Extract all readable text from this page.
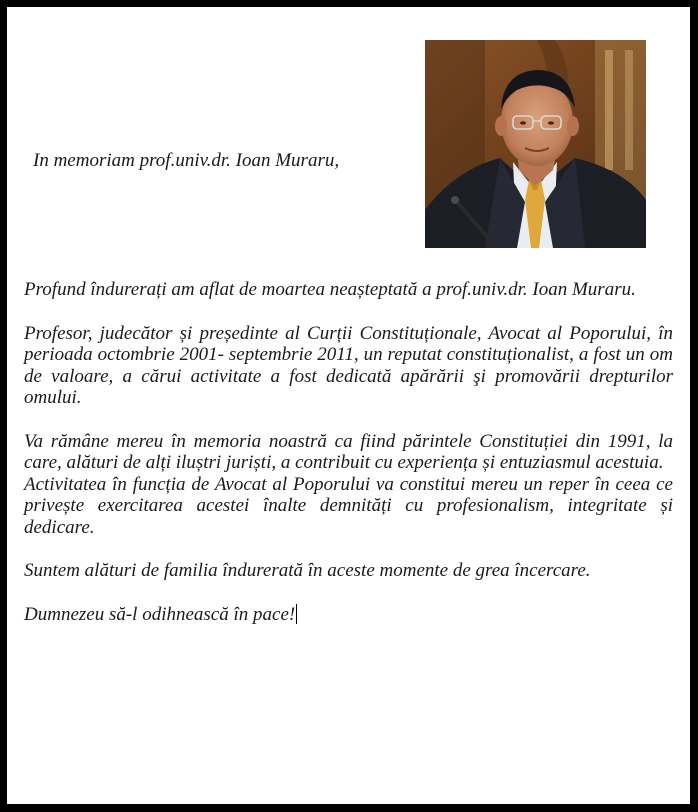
In memoriam prof.univ.dr. Ioan Muraru,

Profund îndurerați am aflat de moartea neașteptată a prof.univ.dr. Ioan Muraru.

Profesor, judecător și președinte al Curții Constituționale, Avocat al Poporului, în perioada octombrie 2001- septembrie 2011, un reputat constituționalist, a fost un om de valoare, a cărui activitate a fost dedicată apărării şi promovării drepturilor omului.

Va rămâne mereu în memoria noastră ca fiind părintele Constituției din 1991, la care, alături de alți iluștri juriști, a contribuit cu experiența și entuziasmul acestuia.

Activitatea în funcția de Avocat al Poporului va constitui mereu un reper în ceea ce privește exercitarea acestei înalte demnități cu profesionalism, integritate și dedicare.

Suntem alături de familia îndurerată în aceste momente de grea încercare.

Dumnezeu să-l odihnească în pace!
